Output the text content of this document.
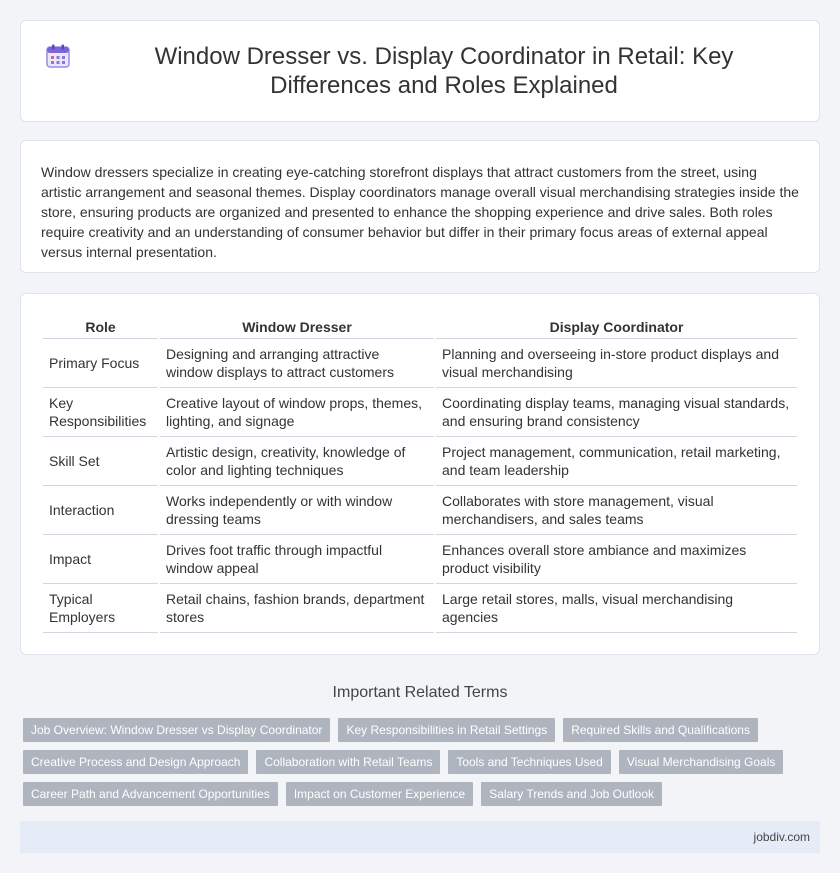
Window Dresser vs. Display Coordinator in Retail: Key Differences and Roles Explained
Window dressers specialize in creating eye-catching storefront displays that attract customers from the street, using artistic arrangement and seasonal themes. Display coordinators manage overall visual merchandising strategies inside the store, ensuring products are organized and presented to enhance the shopping experience and drive sales. Both roles require creativity and an understanding of consumer behavior but differ in their primary focus areas of external appeal versus internal presentation.
Role	Window Dresser	Display Coordinator
Primary Focus	Designing and arranging attractive window displays to attract customers	Planning and overseeing in-store product displays and visual merchandising
Key Responsibilities	Creative layout of window props, themes, lighting, and signage	Coordinating display teams, managing visual standards, and ensuring brand consistency
Skill Set	Artistic design, creativity, knowledge of color and lighting techniques	Project management, communication, retail marketing, and team leadership
Interaction	Works independently or with window dressing teams	Collaborates with store management, visual merchandisers, and sales teams
Impact	Drives foot traffic through impactful window appeal	Enhances overall store ambiance and maximizes product visibility
Typical Employers	Retail chains, fashion brands, department stores	Large retail stores, malls, visual merchandising agencies
Important Related Terms
Job Overview: Window Dresser vs Display Coordinator	Key Responsibilities in Retail Settings	Required Skills and Qualifications
Creative Process and Design Approach	Collaboration with Retail Teams	Tools and Techniques Used	Visual Merchandising Goals
Career Path and Advancement Opportunities	Impact on Customer Experience	Salary Trends and Job Outlook
jobdiv.com
